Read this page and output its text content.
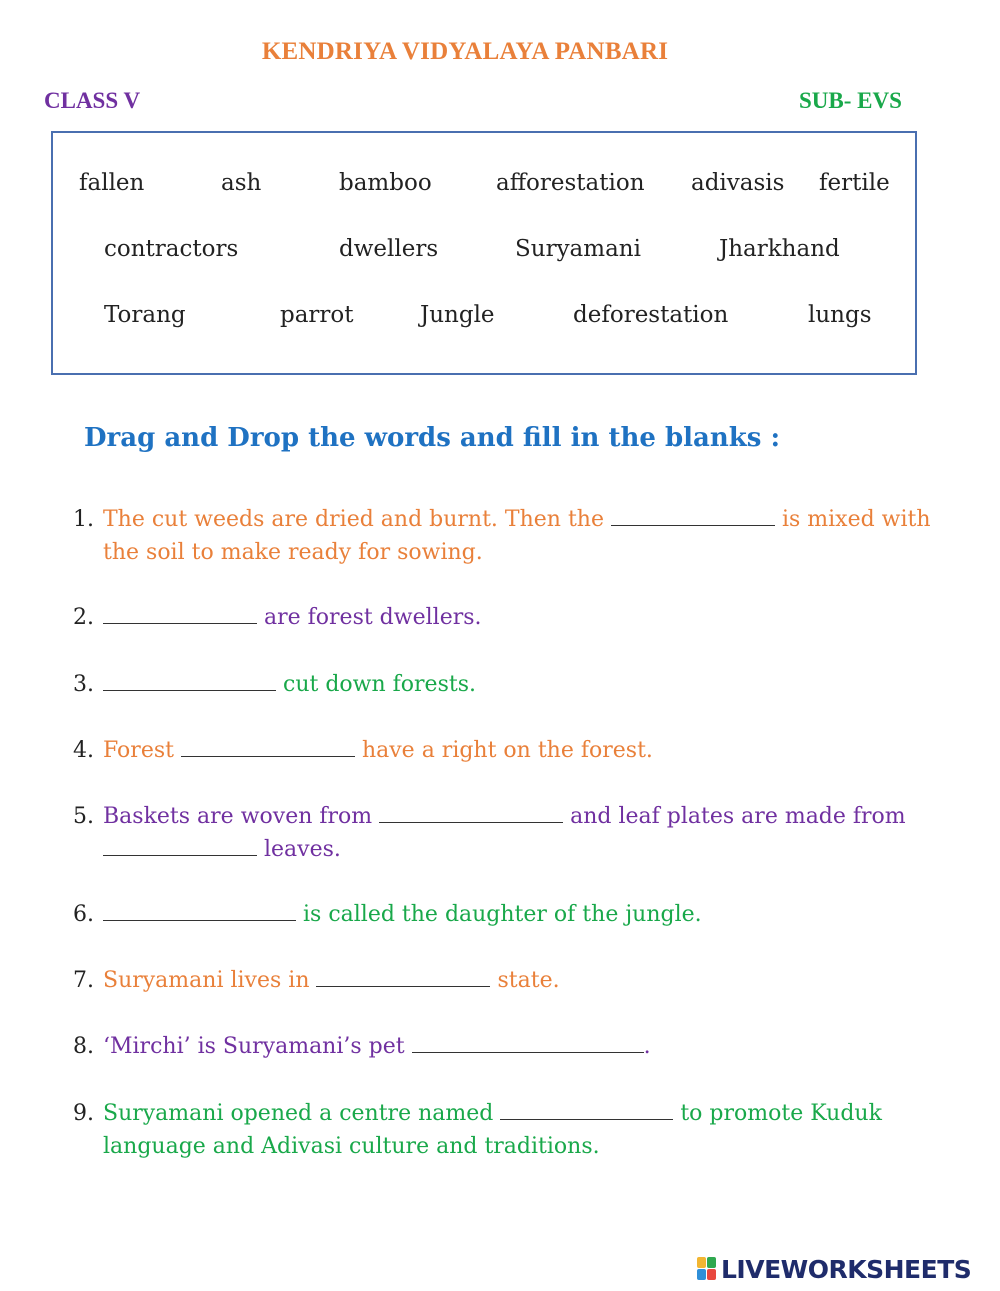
KENDRIYA VIDYALAYA PANBARI
CLASS V	SUB- EVS
fallen	ash	bamboo	afforestation adivasis fertile
contractors	dwellers	Suryamani	Jharkhand
Torang	parrot	Jungle	deforestation	lungs
Drag and Drop the words and fill in the blanks :
1. The cut weeds are dried and burnt. Then the	is mixed with
the soil to make ready for sowing.
2.	are forest dwellers.
3.	cut down forests.
4. Forest	have a right on the forest.
5. Baskets are woven from	and leaf plates are made from
leaves.
6.	is called the daughter of the jungle.
7. Suryamani lives in	state.
8. ‘Mirchi’ is Suryamani’s pet	.
9. Suryamani opened a centre named	to promote Kuduk
language and Adivasi culture and traditions.
LIVEWORKSHEETS
